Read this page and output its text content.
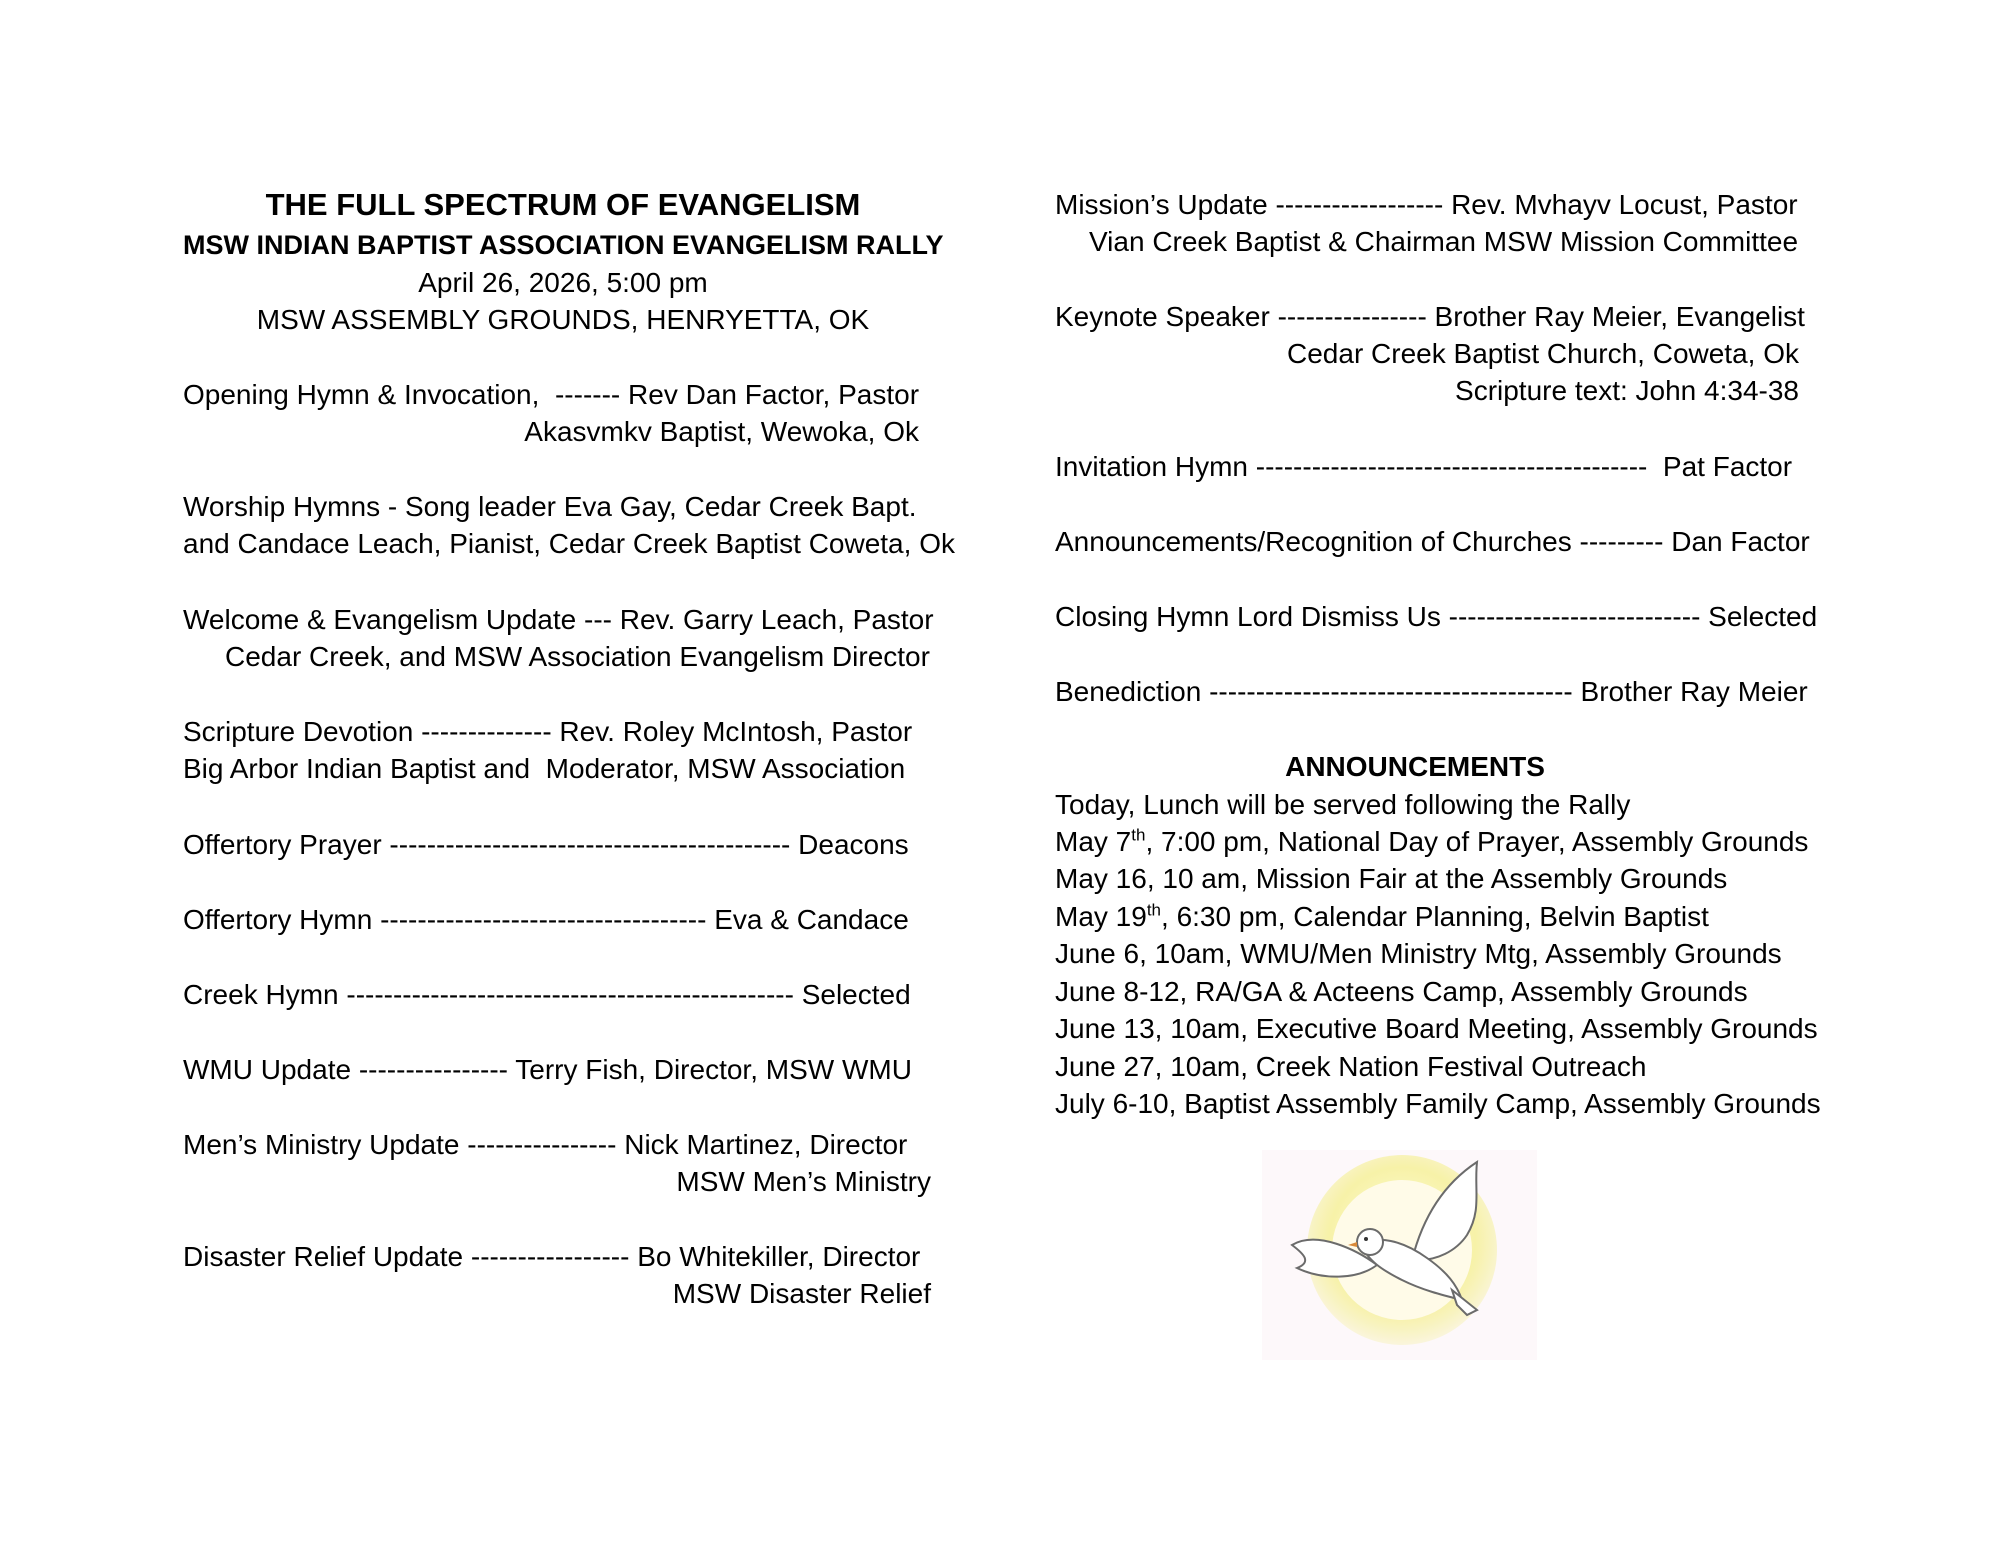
THE FULL SPECTRUM OF EVANGELISM
MSW INDIAN BAPTIST ASSOCIATION EVANGELISM RALLY
April 26, 2026, 5:00 pm
MSW ASSEMBLY GROUNDS, HENRYETTA, OK
Opening Hymn & Invocation,  ------- Rev Dan Factor, Pastor
Akasvmkv Baptist, Wewoka, Ok
Worship Hymns - Song leader Eva Gay, Cedar Creek Bapt.
and Candace Leach, Pianist, Cedar Creek Baptist Coweta, Ok
Welcome & Evangelism Update --- Rev. Garry Leach, Pastor
Cedar Creek, and MSW Association Evangelism Director
Scripture Devotion -------------- Rev. Roley McIntosh, Pastor
Big Arbor Indian Baptist and  Moderator, MSW Association
Offertory Prayer ------------------------------------------- Deacons
Offertory Hymn ----------------------------------- Eva & Candace
Creek Hymn ------------------------------------------------ Selected
WMU Update ---------------- Terry Fish, Director, MSW WMU
Men’s Ministry Update ---------------- Nick Martinez, Director
MSW Men’s Ministry
Disaster Relief Update ----------------- Bo Whitekiller, Director
MSW Disaster Relief
Mission’s Update ------------------ Rev. Mvhayv Locust, Pastor
Vian Creek Baptist & Chairman MSW Mission Committee
Keynote Speaker ---------------- Brother Ray Meier, Evangelist
Cedar Creek Baptist Church, Coweta, Ok
Scripture text: John 4:34-38
Invitation Hymn ------------------------------------------  Pat Factor
Announcements/Recognition of Churches --------- Dan Factor
Closing Hymn Lord Dismiss Us --------------------------- Selected
Benediction --------------------------------------- Brother Ray Meier
ANNOUNCEMENTS
Today, Lunch will be served following the Rally
May 7th, 7:00 pm, National Day of Prayer, Assembly Grounds
May 16, 10 am, Mission Fair at the Assembly Grounds
May 19th, 6:30 pm, Calendar Planning, Belvin Baptist
June 6, 10am, WMU/Men Ministry Mtg, Assembly Grounds
June 8-12, RA/GA & Acteens Camp, Assembly Grounds
June 13, 10am, Executive Board Meeting, Assembly Grounds
June 27, 10am, Creek Nation Festival Outreach
July 6-10, Baptist Assembly Family Camp, Assembly Grounds
